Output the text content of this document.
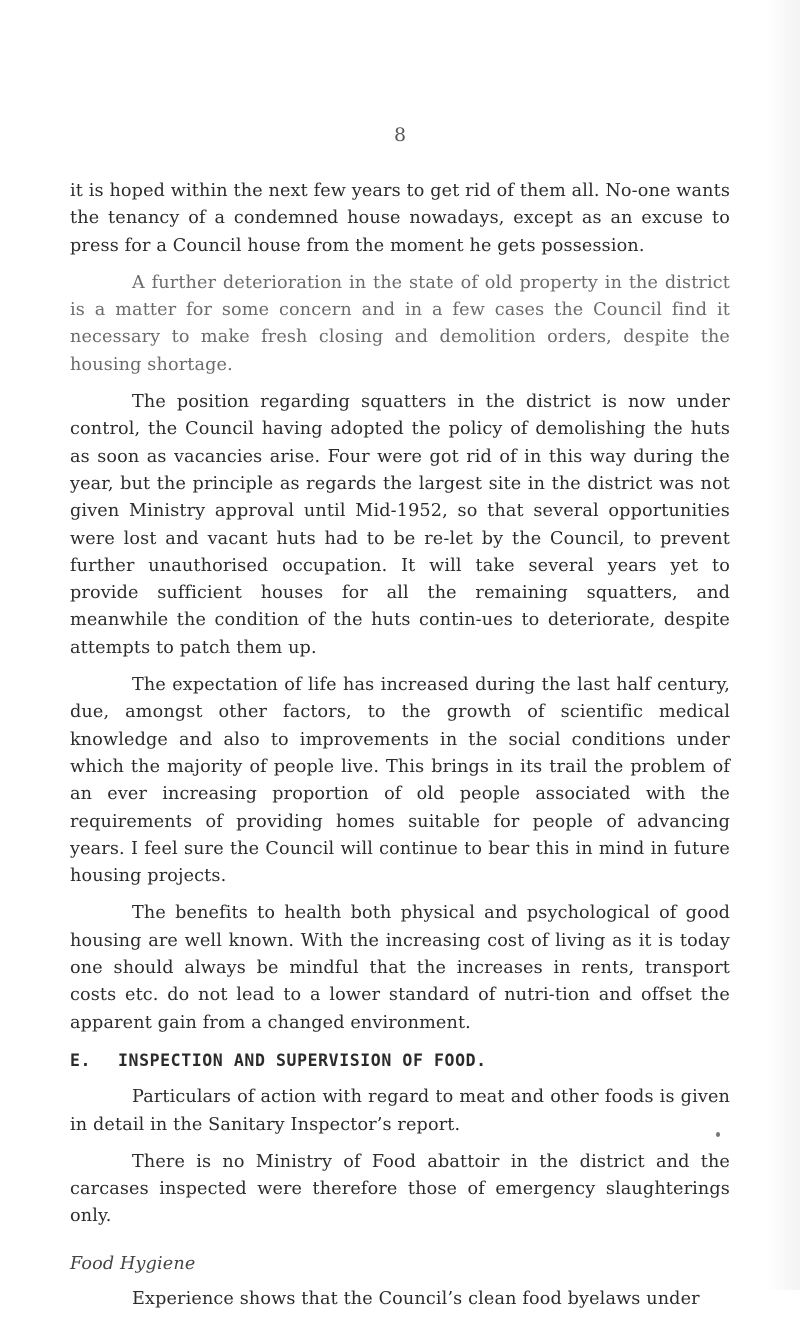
8

it is hoped within the next few years to get rid of them all. No-one wants the tenancy of a condemned house nowadays, except as an excuse to press for a Council house from the moment he gets possession.

A further deterioration in the state of old property in the district is a matter for some concern and in a few cases the Council find it necessary to make fresh closing and demolition orders, despite the housing shortage.

The position regarding squatters in the district is now under control, the Council having adopted the policy of demolishing the huts as soon as vacancies arise. Four were got rid of in this way during the year, but the principle as regards the largest site in the district was not given Ministry approval until Mid-1952, so that several opportunities were lost and vacant huts had to be re-let by the Council, to prevent further unauthorised occupation. It will take several years yet to provide sufficient houses for all the remaining squatters, and meanwhile the condition of the huts contin-ues to deteriorate, despite attempts to patch them up.

The expectation of life has increased during the last half century, due, amongst other factors, to the growth of scientific medical knowledge and also to improvements in the social conditions under which the majority of people live. This brings in its trail the problem of an ever increasing proportion of old people associated with the requirements of providing homes suitable for people of advancing years. I feel sure the Council will continue to bear this in mind in future housing projects.

The benefits to health both physical and psychological of good housing are well known. With the increasing cost of living as it is today one should always be mindful that the increases in rents, transport costs etc. do not lead to a lower standard of nutri-tion and offset the apparent gain from a changed environment.

E. INSPECTION AND SUPERVISION OF FOOD.

Particulars of action with regard to meat and other foods is given in detail in the Sanitary Inspector’s report.

There is no Ministry of Food abattoir in the district and the carcases inspected were therefore those of emergency slaughterings only.

Food Hygiene

Experience shows that the Council’s clean food byelaws under
